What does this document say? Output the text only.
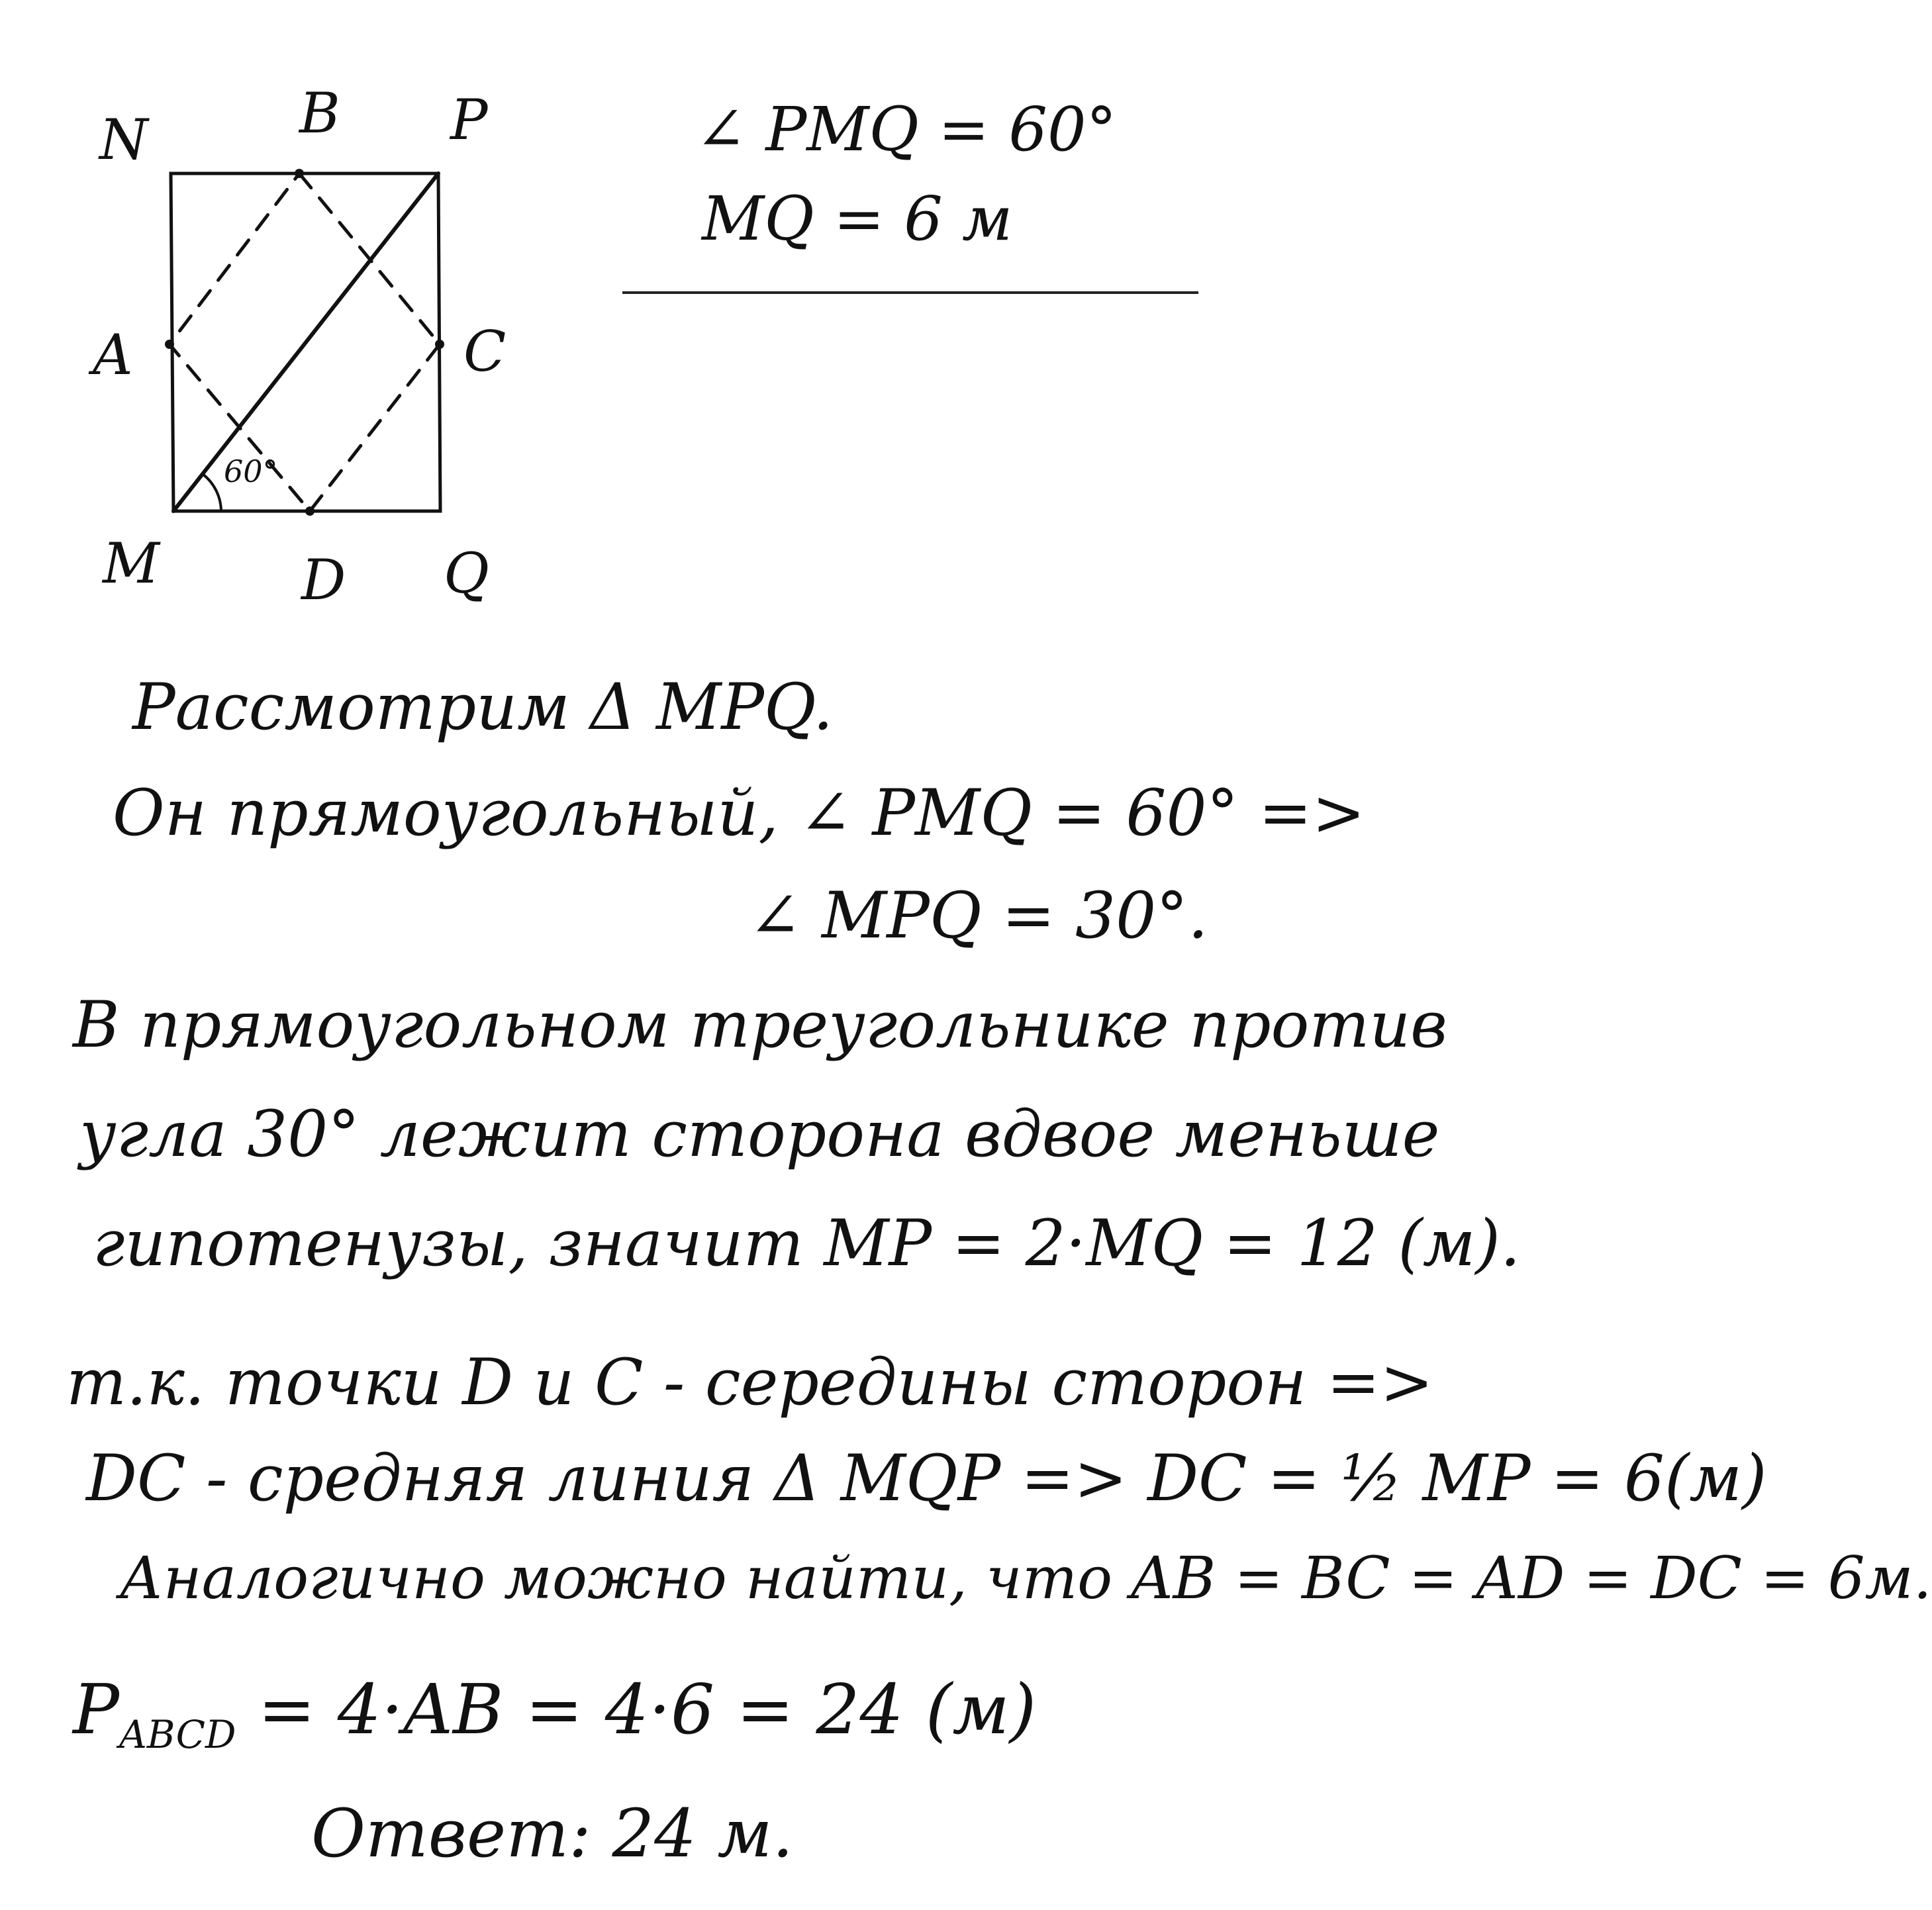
N	B P
A	C
M	D Q
60°
∠ PMQ = 60°
MQ = 6 м
Рассмотрим Δ MPQ.
Он прямоугольный, ∠ PMQ = 60° =>
∠ MPQ = 30°.
В прямоугольном треугольнике против
угла 30° лежит сторона вдвое меньше
гипотенузы, значит MP = 2·MQ = 12 (м).
т.к. точки D и C - середины сторон =>
DC - средняя линия Δ MQP => DC = ½ MP = 6(м)
Аналогично можно найти, что AB = BC = AD = DC = 6м.
$P_{ABCD} = 4\cdot AB = 4\cdot 6 = 24$ (м)
Ответ: 24 м.
